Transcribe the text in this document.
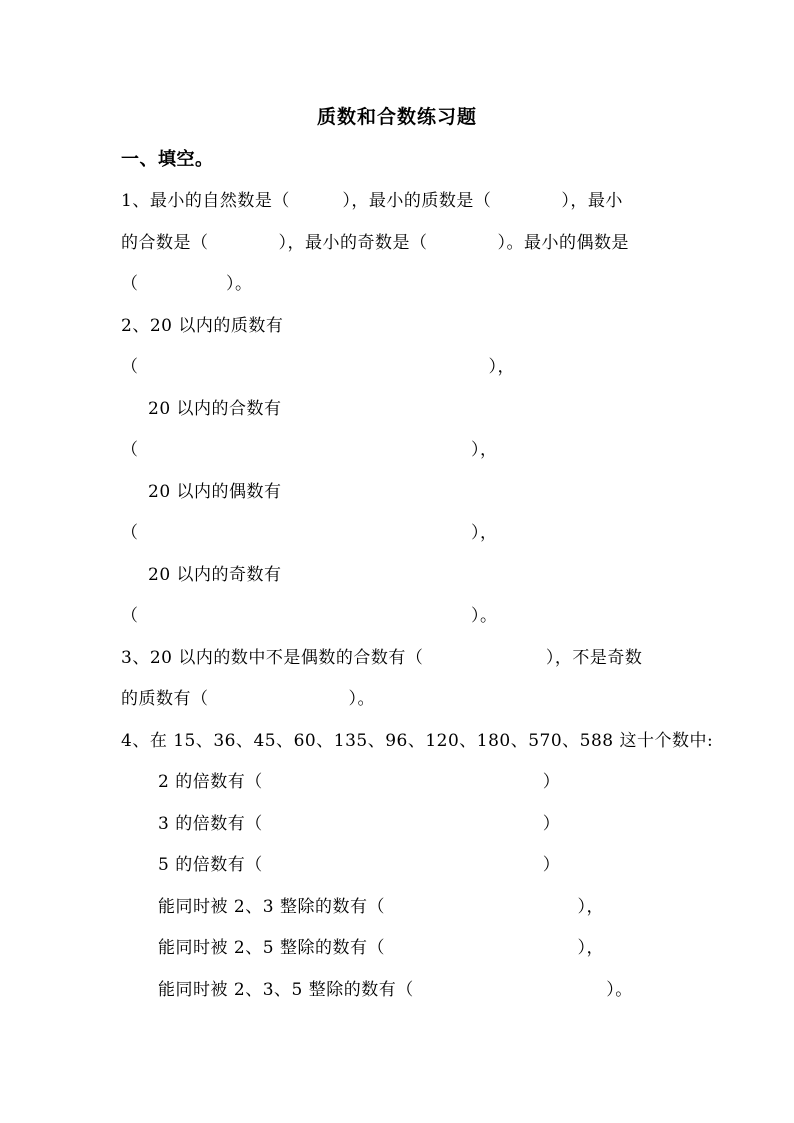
质数和合数练习题
一、填空。
1、最小的自然数是（　　　），最小的质数是（　　　　），最小
的合数是（　　　　），最小的奇数是（　　　　）。最小的偶数是
（　　　　　）。
2、20 以内的质数有
（　　　　　　　　　　　　　　　　　　　　），
20 以内的合数有
（　　　　　　　　　　　　　　　　　　　），
20 以内的偶数有
（　　　　　　　　　　　　　　　　　　　），
20 以内的奇数有
（　　　　　　　　　　　　　　　　　　　）。
3、20 以内的数中不是偶数的合数有（　　　　　　　），不是奇数
的质数有（　　　　　　　　）。
4、在 15、36、45、60、135、96、120、180、570、588 这十个数中:
2 的倍数有（　　　　　　　　　　　　　　　　）
3 的倍数有（　　　　　　　　　　　　　　　　）
5 的倍数有（　　　　　　　　　　　　　　　　）
能同时被 2、3 整除的数有（　　　　　　　　　　　），
能同时被 2、5 整除的数有（　　　　　　　　　　　），
能同时被 2、3、5 整除的数有（　　　　　　　　　　　）。
